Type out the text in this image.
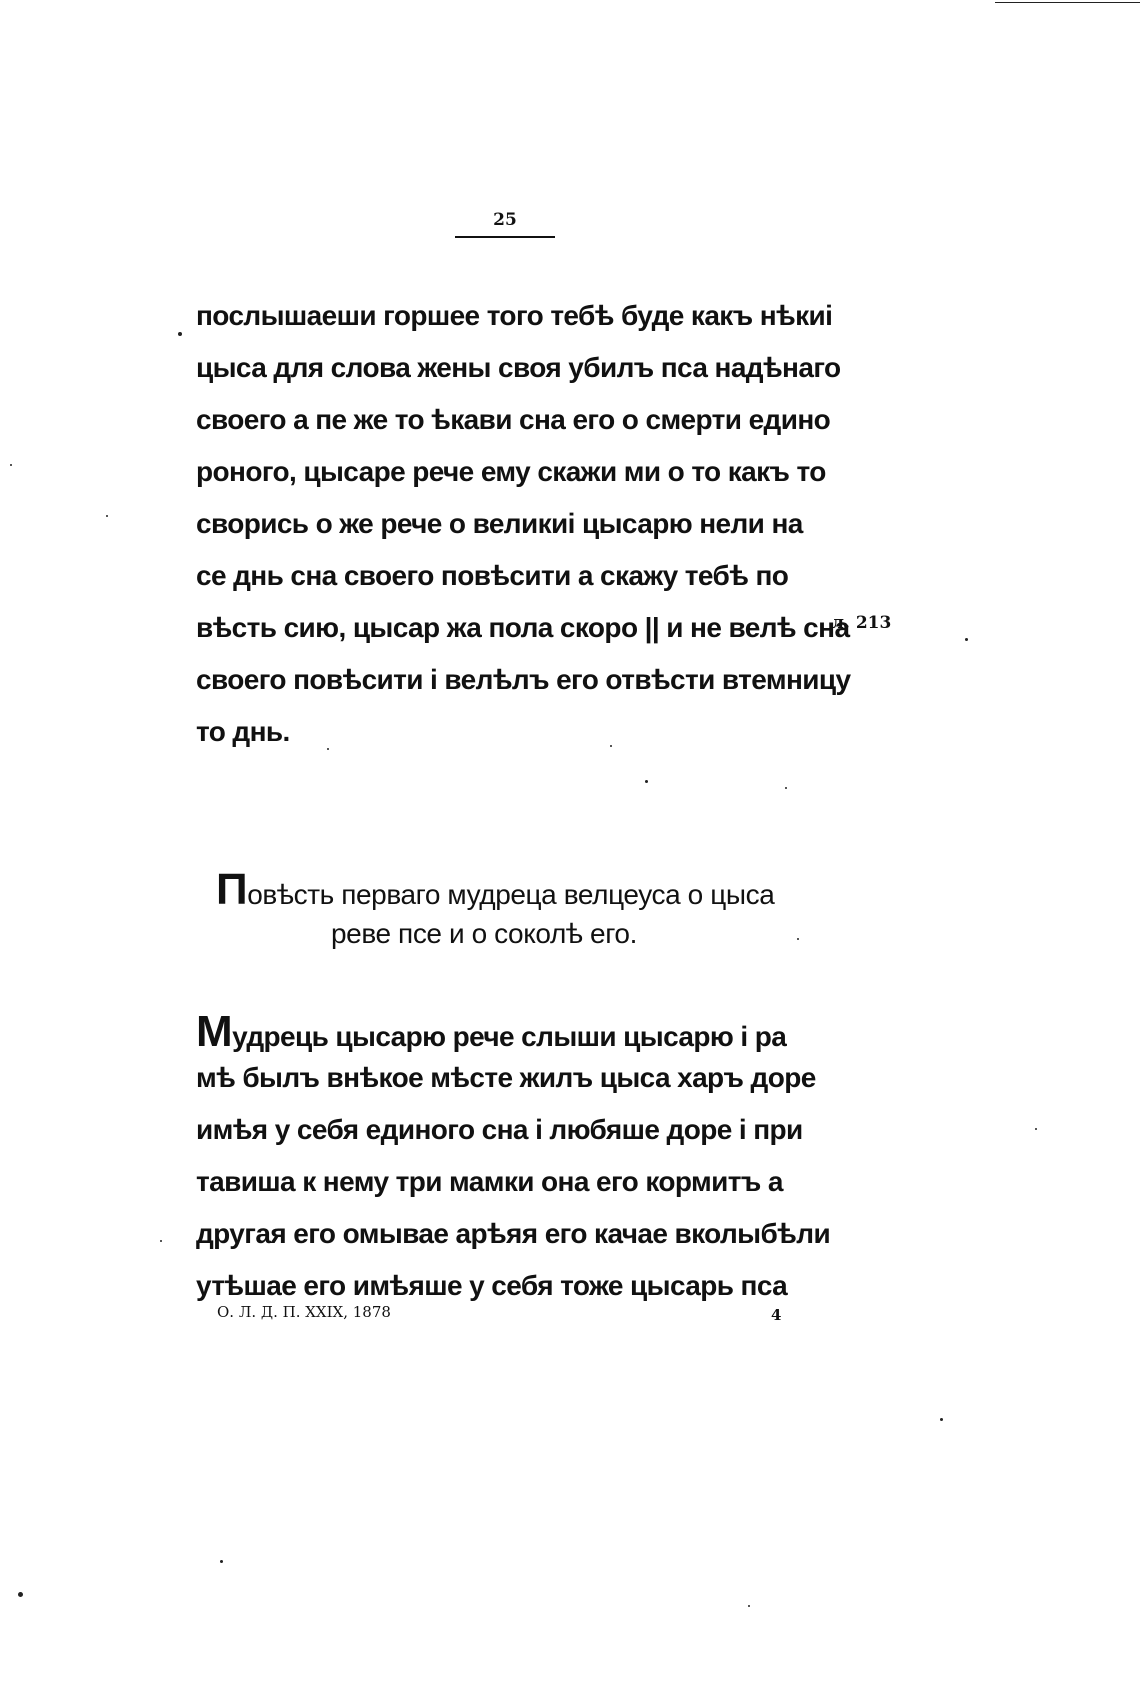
25
послышаеши горшее того тебѣ буде какъ нѣкиі
цыса для слова жены своя убилъ пса надѣнаго
своего а пе же то ѣкави сна его о смерти едино
роного, цысаре рече ему скажи ми о то какъ то
сворись о же рече о великиі цысарю нели на
се днь сна своего повѣсити а скажу тебѣ по
вѣсть сию, цысар жа пола скоро || и не велѣ сна
своего повѣсити і велѣлъ его отвѣсти втемницу
то днь.
л. 213
Повѣсть перваго мудреца велцеуса о цыса
реве псе и о соколѣ его.
Мудрець цысарю рече слыши цысарю і ра
мѣ былъ внѣкое мѣсте жилъ цыса харъ доре
имѣя у себя единого сна і любяше доре і при
тавиша к нему три мамки она его кормитъ а
другая его омывае арѣяя его качае вколыбѣли
утѣшае его имѣяше у себя тоже цысарь пса
О. Л. Д. П. XXIX, 1878	4
